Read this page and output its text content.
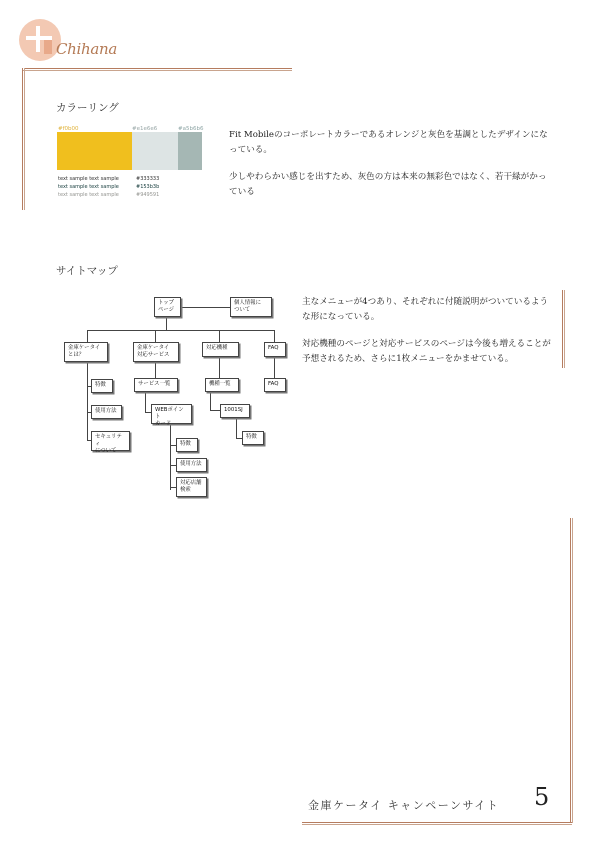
Chihana
カラーリング
#f0b00	#e1e6e6	#a5b6b6
text sample text sample	#333333
text sample text sample	#153b3b
text sample text sample	#949591
Fit Mobileのコーポレートカラーであるオレンジと灰色を基調としたデザインになっている。
少しやわらかい感じを出すため、灰色の方は本来の無彩色ではなく、若干緑がかっている
サイトマップ
主なメニューが4つあり、それぞれに付随説明がついているような形になっている。
対応機種のページと対応サービスのページは今後も増えることが予想されるため、さらに1枚メニューをかませている。
トップ
ページ
個人情報に
ついて
金庫ケータイ
とは？
金庫ケータイ
対応サービス
対応機種	FAQ
特徴
使用方法
セキュリティ
について
サービス一覧
WEBポイント
カード
特徴
使用方法
対応店舗
検索
機種一覧
1001SJ
特徴
FAQ
金庫ケータイ キャンペーンサイト 5
